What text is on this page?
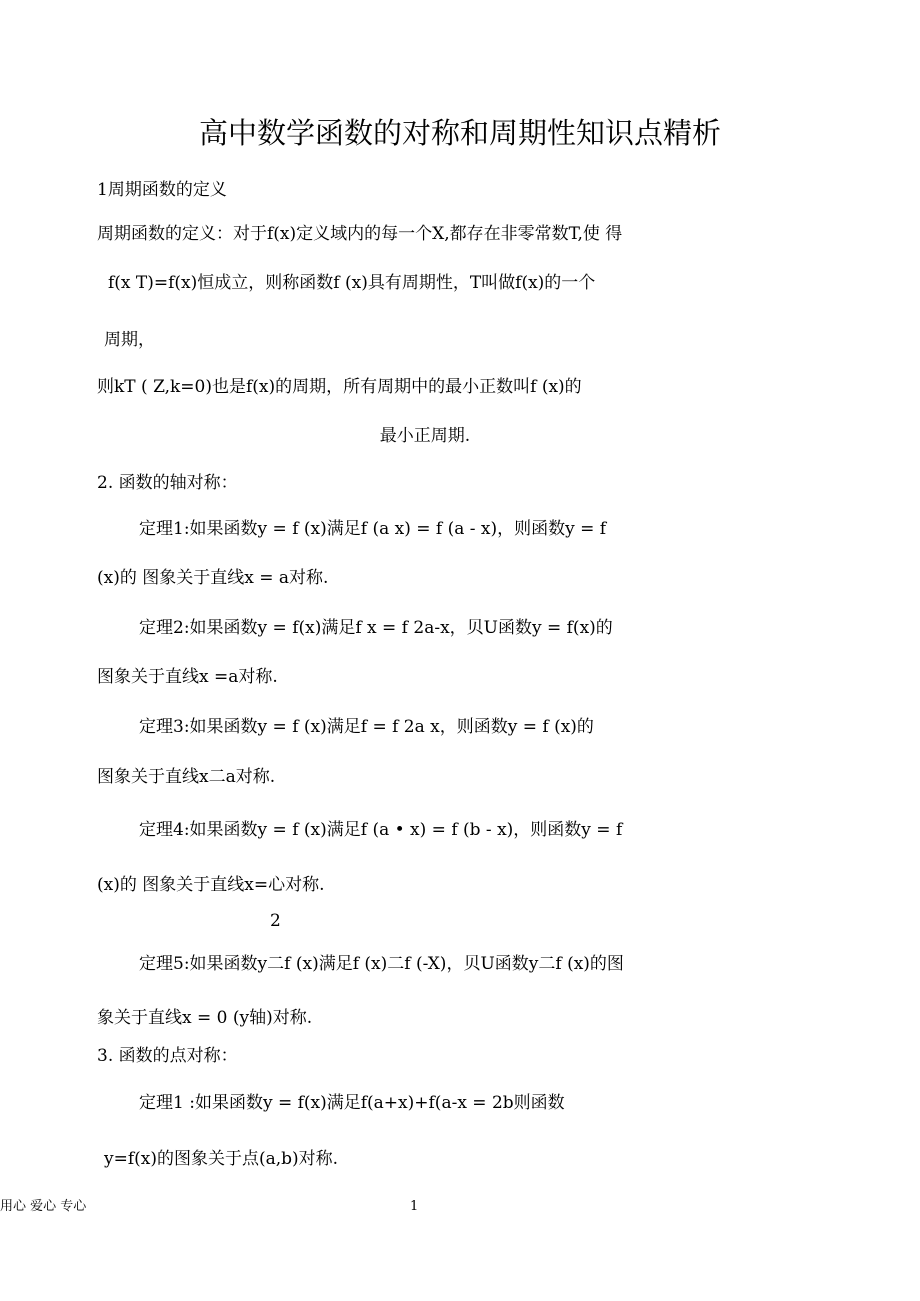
高中数学函数的对称和周期性知识点精析
1周期函数的定义
周期函数的定义：对于f(x)定义域内的每一个X,都存在非零常数T,使 得
f(x T)=f(x)恒成立，则称函数f (x)具有周期性，T叫做f(x)的一个
周期，
则kT ( Z,k=0)也是f(x)的周期，所有周期中的最小正数叫f (x)的
最小正周期.
2. 函数的轴对称：
定理1:如果函数y = f (x)满足f (a x) = f (a - x)，则函数y = f
(x)的 图象关于直线x = a对称.
定理2:如果函数y = f(x)满足f x = f 2a-x，贝U函数y = f(x)的
图象关于直线x =a对称.
定理3:如果函数y = f (x)满足f = f 2a x，则函数y = f (x)的
图象关于直线x二a对称.
定理4:如果函数y = f (x)满足f (a • x) = f (b - x)，则函数y = f
(x)的 图象关于直线x=心对称.
2
定理5:如果函数y二f (x)满足f (x)二f (-X)，贝U函数y二f (x)的图
象关于直线x = 0 (y轴)对称.
3. 函数的点对称：
定理1 :如果函数y = f(x)满足f(a+x)+f(a-x = 2b则函数
y=f(x)的图象关于点(a,b)对称.
用心 爱心 专心	1
